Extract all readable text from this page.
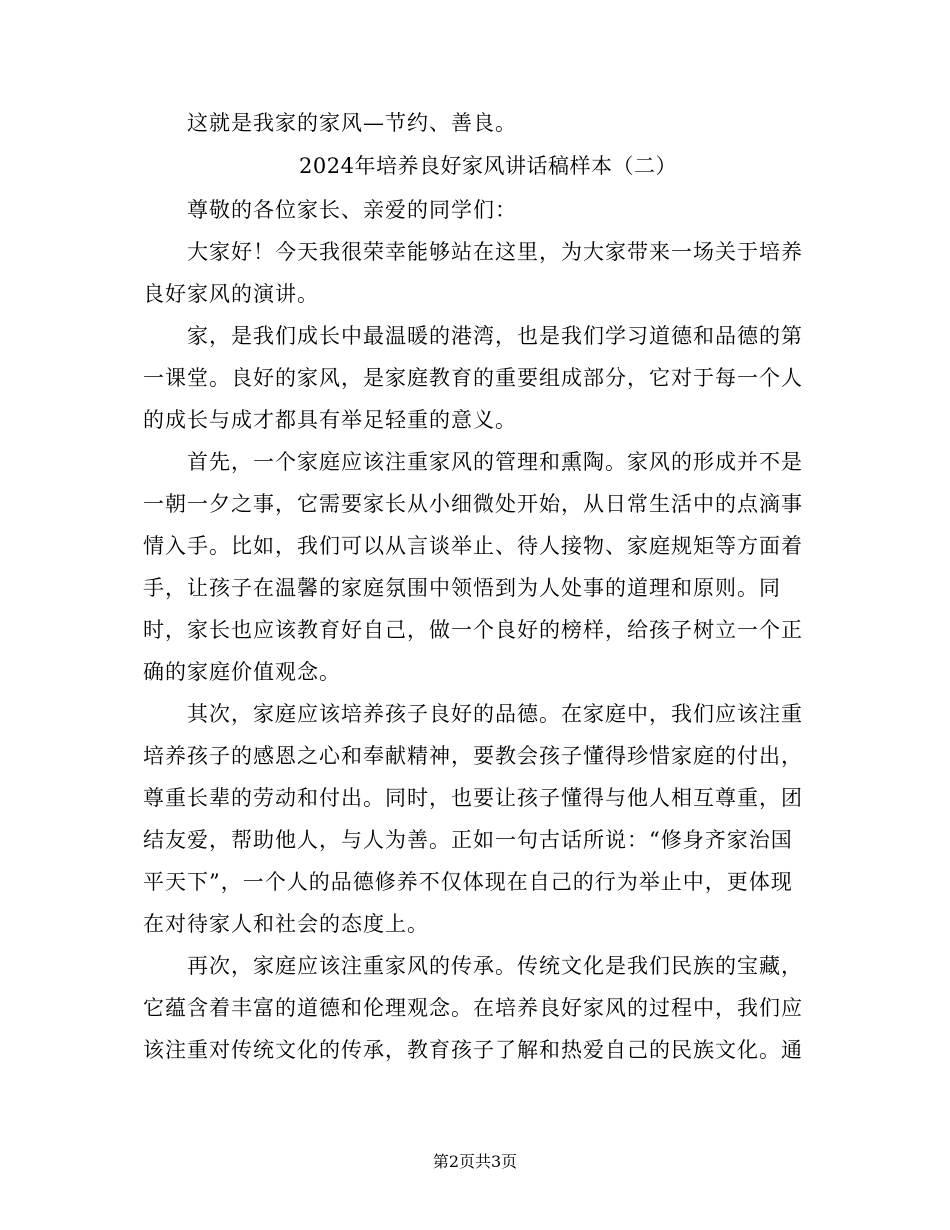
这就是我家的家风—节约、善良。
2024年培养良好家风讲话稿样本（二）
尊敬的各位家长、亲爱的同学们：
大家好！今天我很荣幸能够站在这里，为大家带来一场关于培养
良好家风的演讲。
家，是我们成长中最温暖的港湾，也是我们学习道德和品德的第
一课堂。良好的家风，是家庭教育的重要组成部分，它对于每一个人
的成长与成才都具有举足轻重的意义。
首先，一个家庭应该注重家风的管理和熏陶。家风的形成并不是
一朝一夕之事，它需要家长从小细微处开始，从日常生活中的点滴事
情入手。比如，我们可以从言谈举止、待人接物、家庭规矩等方面着
手，让孩子在温馨的家庭氛围中领悟到为人处事的道理和原则。同
时，家长也应该教育好自己，做一个良好的榜样，给孩子树立一个正
确的家庭价值观念。
其次，家庭应该培养孩子良好的品德。在家庭中，我们应该注重
培养孩子的感恩之心和奉献精神，要教会孩子懂得珍惜家庭的付出，
尊重长辈的劳动和付出。同时，也要让孩子懂得与他人相互尊重，团
结友爱，帮助他人，与人为善。正如一句古话所说：“修身齐家治国
平天下”，一个人的品德修养不仅体现在自己的行为举止中，更体现
在对待家人和社会的态度上。
再次，家庭应该注重家风的传承。传统文化是我们民族的宝藏，
它蕴含着丰富的道德和伦理观念。在培养良好家风的过程中，我们应
该注重对传统文化的传承，教育孩子了解和热爱自己的民族文化。通
第2页共3页
